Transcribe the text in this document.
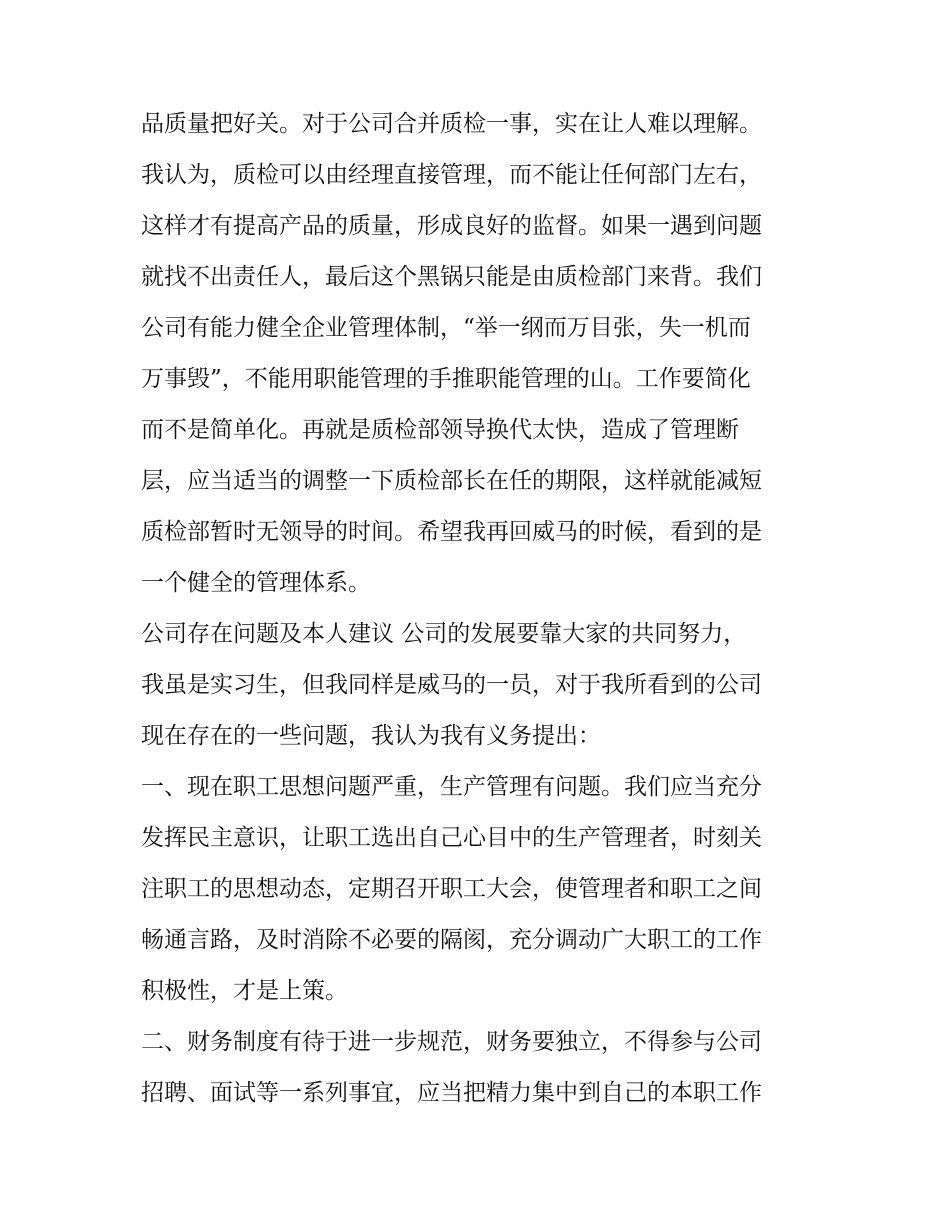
品质量把好关。对于公司合并质检一事，实在让人难以理解。
我认为，质检可以由经理直接管理，而不能让任何部门左右，
这样才有提高产品的质量，形成良好的监督。如果一遇到问题
就找不出责任人，最后这个黑锅只能是由质检部门来背。我们
公司有能力健全企业管理体制，“举一纲而万目张，失一机而
万事毁”，不能用职能管理的手推职能管理的山。工作要简化
而不是简单化。再就是质检部领导换代太快，造成了管理断
层，应当适当的调整一下质检部长在任的期限，这样就能减短
质检部暂时无领导的时间。希望我再回威马的时候，看到的是
一个健全的管理体系。
公司存在问题及本人建议 公司的发展要靠大家的共同努力，
我虽是实习生，但我同样是威马的一员，对于我所看到的公司
现在存在的一些问题，我认为我有义务提出：
一、现在职工思想问题严重，生产管理有问题。我们应当充分
发挥民主意识，让职工选出自己心目中的生产管理者，时刻关
注职工的思想动态，定期召开职工大会，使管理者和职工之间
畅通言路，及时消除不必要的隔阂，充分调动广大职工的工作
积极性，才是上策。
二、财务制度有待于进一步规范，财务要独立，不得参与公司
招聘、面试等一系列事宜，应当把精力集中到自己的本职工作
